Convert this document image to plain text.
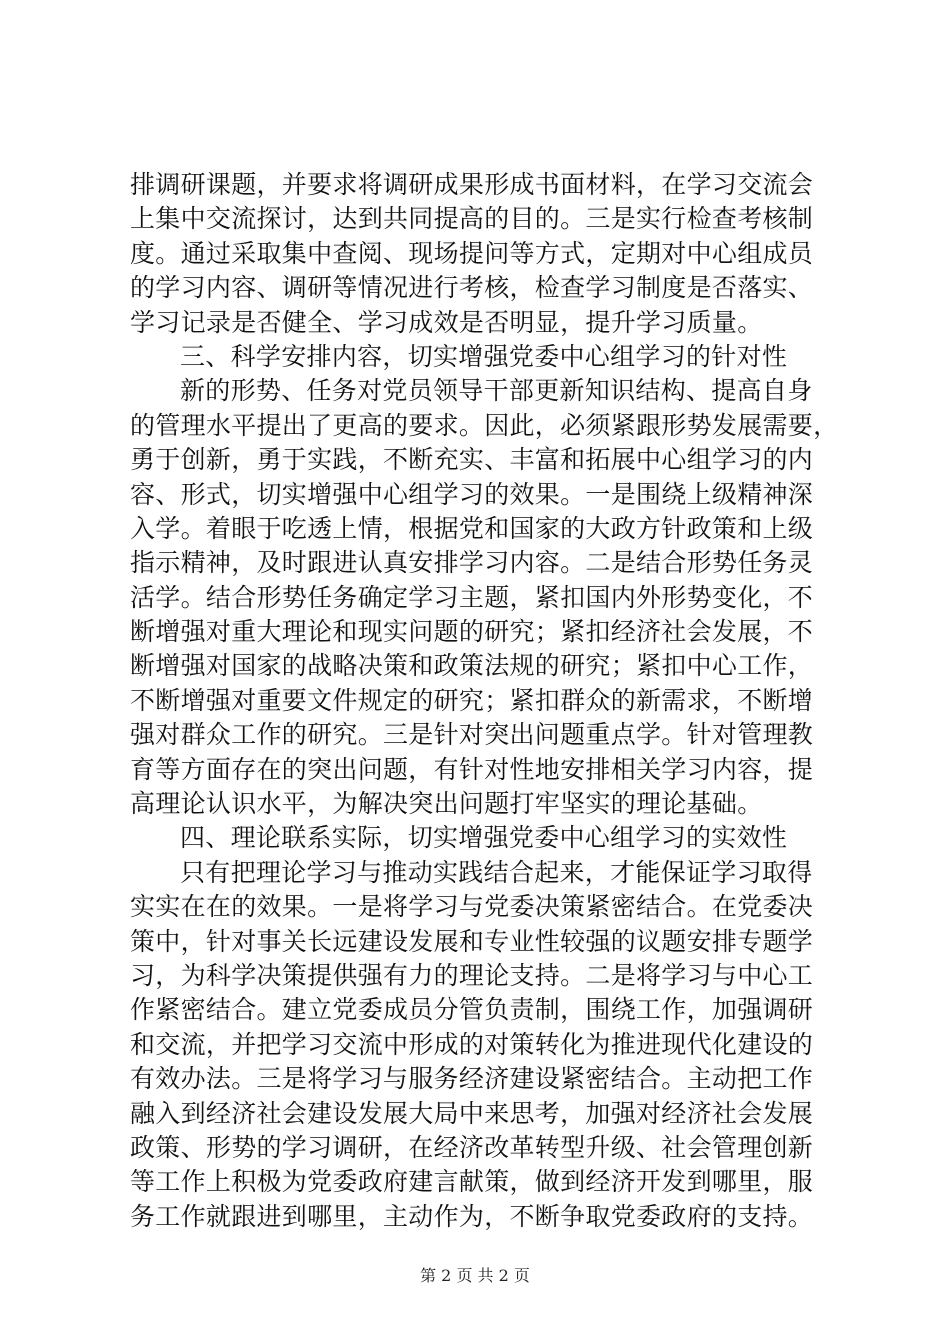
排调研课题，并要求将调研成果形成书面材料，在学习交流会
上集中交流探讨，达到共同提高的目的。三是实行检查考核制
度。通过采取集中查阅、现场提问等方式，定期对中心组成员
的学习内容、调研等情况进行考核，检查学习制度是否落实、
学习记录是否健全、学习成效是否明显，提升学习质量。
三、科学安排内容，切实增强党委中心组学习的针对性
新的形势、任务对党员领导干部更新知识结构、提高自身
的管理水平提出了更高的要求。因此，必须紧跟形势发展需要，
勇于创新，勇于实践，不断充实、丰富和拓展中心组学习的内
容、形式，切实增强中心组学习的效果。一是围绕上级精神深
入学。着眼于吃透上情，根据党和国家的大政方针政策和上级
指示精神，及时跟进认真安排学习内容。二是结合形势任务灵
活学。结合形势任务确定学习主题，紧扣国内外形势变化，不
断增强对重大理论和现实问题的研究；紧扣经济社会发展，不
断增强对国家的战略决策和政策法规的研究；紧扣中心工作，
不断增强对重要文件规定的研究；紧扣群众的新需求，不断增
强对群众工作的研究。三是针对突出问题重点学。针对管理教
育等方面存在的突出问题，有针对性地安排相关学习内容，提
高理论认识水平，为解决突出问题打牢坚实的理论基础。
四、理论联系实际，切实增强党委中心组学习的实效性
只有把理论学习与推动实践结合起来，才能保证学习取得
实实在在的效果。一是将学习与党委决策紧密结合。在党委决
策中，针对事关长远建设发展和专业性较强的议题安排专题学
习，为科学决策提供强有力的理论支持。二是将学习与中心工
作紧密结合。建立党委成员分管负责制，围绕工作，加强调研
和交流，并把学习交流中形成的对策转化为推进现代化建设的
有效办法。三是将学习与服务经济建设紧密结合。主动把工作
融入到经济社会建设发展大局中来思考，加强对经济社会发展
政策、形势的学习调研，在经济改革转型升级、社会管理创新
等工作上积极为党委政府建言献策，做到经济开发到哪里，服
务工作就跟进到哪里，主动作为，不断争取党委政府的支持。
第 2 页 共 2 页
